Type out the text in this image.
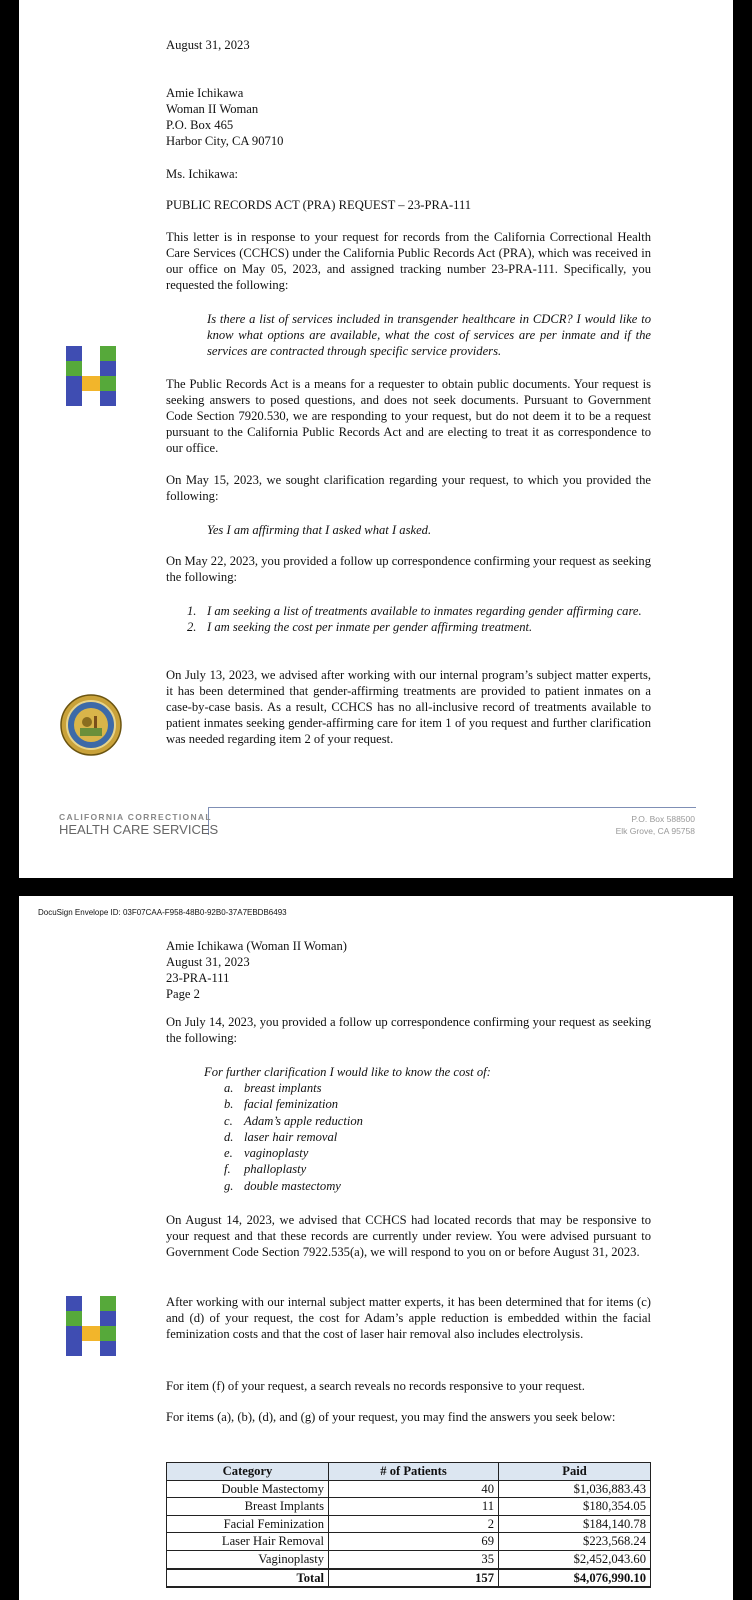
August 31, 2023
Amie Ichikawa
Woman II Woman
P.O. Box 465
Harbor City, CA 90710
Ms. Ichikawa:
PUBLIC RECORDS ACT (PRA) REQUEST – 23-PRA-111

This letter is in response to your request for records from the California Correctional Health Care Services (CCHCS) under the California Public Records Act (PRA), which was received in our office on May 05, 2023, and assigned tracking number 23-PRA-111. Specifically, you requested the following:

Is there a list of services included in transgender healthcare in CDCR? I would like to know what options are available, what the cost of services are per inmate and if the services are contracted through specific service providers.

The Public Records Act is a means for a requester to obtain public documents. Your request is seeking answers to posed questions, and does not seek documents. Pursuant to Government Code Section 7920.530, we are responding to your request, but do not deem it to be a request pursuant to the California Public Records Act and are electing to treat it as correspondence to our office.

On May 15, 2023, we sought clarification regarding your request, to which you provided the following:

Yes I am affirming that I asked what I asked.

On May 22, 2023, you provided a follow up correspondence confirming your request as seeking the following:

1. I am seeking a list of treatments available to inmates regarding gender affirming care.
2. I am seeking the cost per inmate per gender affirming treatment.

On July 13, 2023, we advised after working with our internal program’s subject matter experts, it has been determined that gender-affirming treatments are provided to patient inmates on a case-by-case basis. As a result, CCHCS has no all-inclusive record of treatments available to patient inmates seeking gender-affirming care for item 1 of you request and further clarification was needed regarding item 2 of your request.

CALIFORNIA CORRECTIONAL
HEALTH CARE SERVICES
P.O. Box 588500
Elk Grove, CA 95758
DocuSign Envelope ID: 03F07CAA-F958-48B0-92B0-37A7EBDB6493
Amie Ichikawa (Woman II Woman)
August 31, 2023
23-PRA-111
Page 2

On July 14, 2023, you provided a follow up correspondence confirming your request as seeking the following:

For further clarification I would like to know the cost of:

a. breast implants
b. facial feminization
c. Adam’s apple reduction
d. laser hair removal
e. vaginoplasty
f. phalloplasty
g. double mastectomy

On August 14, 2023, we advised that CCHCS had located records that may be responsive to your request and that these records are currently under review. You were advised pursuant to Government Code Section 7922.535(a), we will respond to you on or before August 31, 2023.

After working with our internal subject matter experts, it has been determined that for items (c) and (d) of your request, the cost for Adam’s apple reduction is embedded within the facial feminization costs and that the cost of laser hair removal also includes electrolysis.

For item (f) of your request, a search reveals no records responsive to your request.

For items (a), (b), (d), and (g) of your request, you may find the answers you seek below:

Category	# of Patients	Paid
Double Mastectomy	40	$1,036,883.43
Breast Implants	11	$180,354.05
Facial Feminization	2	$184,140.78
Laser Hair Removal	69	$223,568.24
Vaginoplasty	35	$2,452,043.60
Total	157	$4,076,990.10
